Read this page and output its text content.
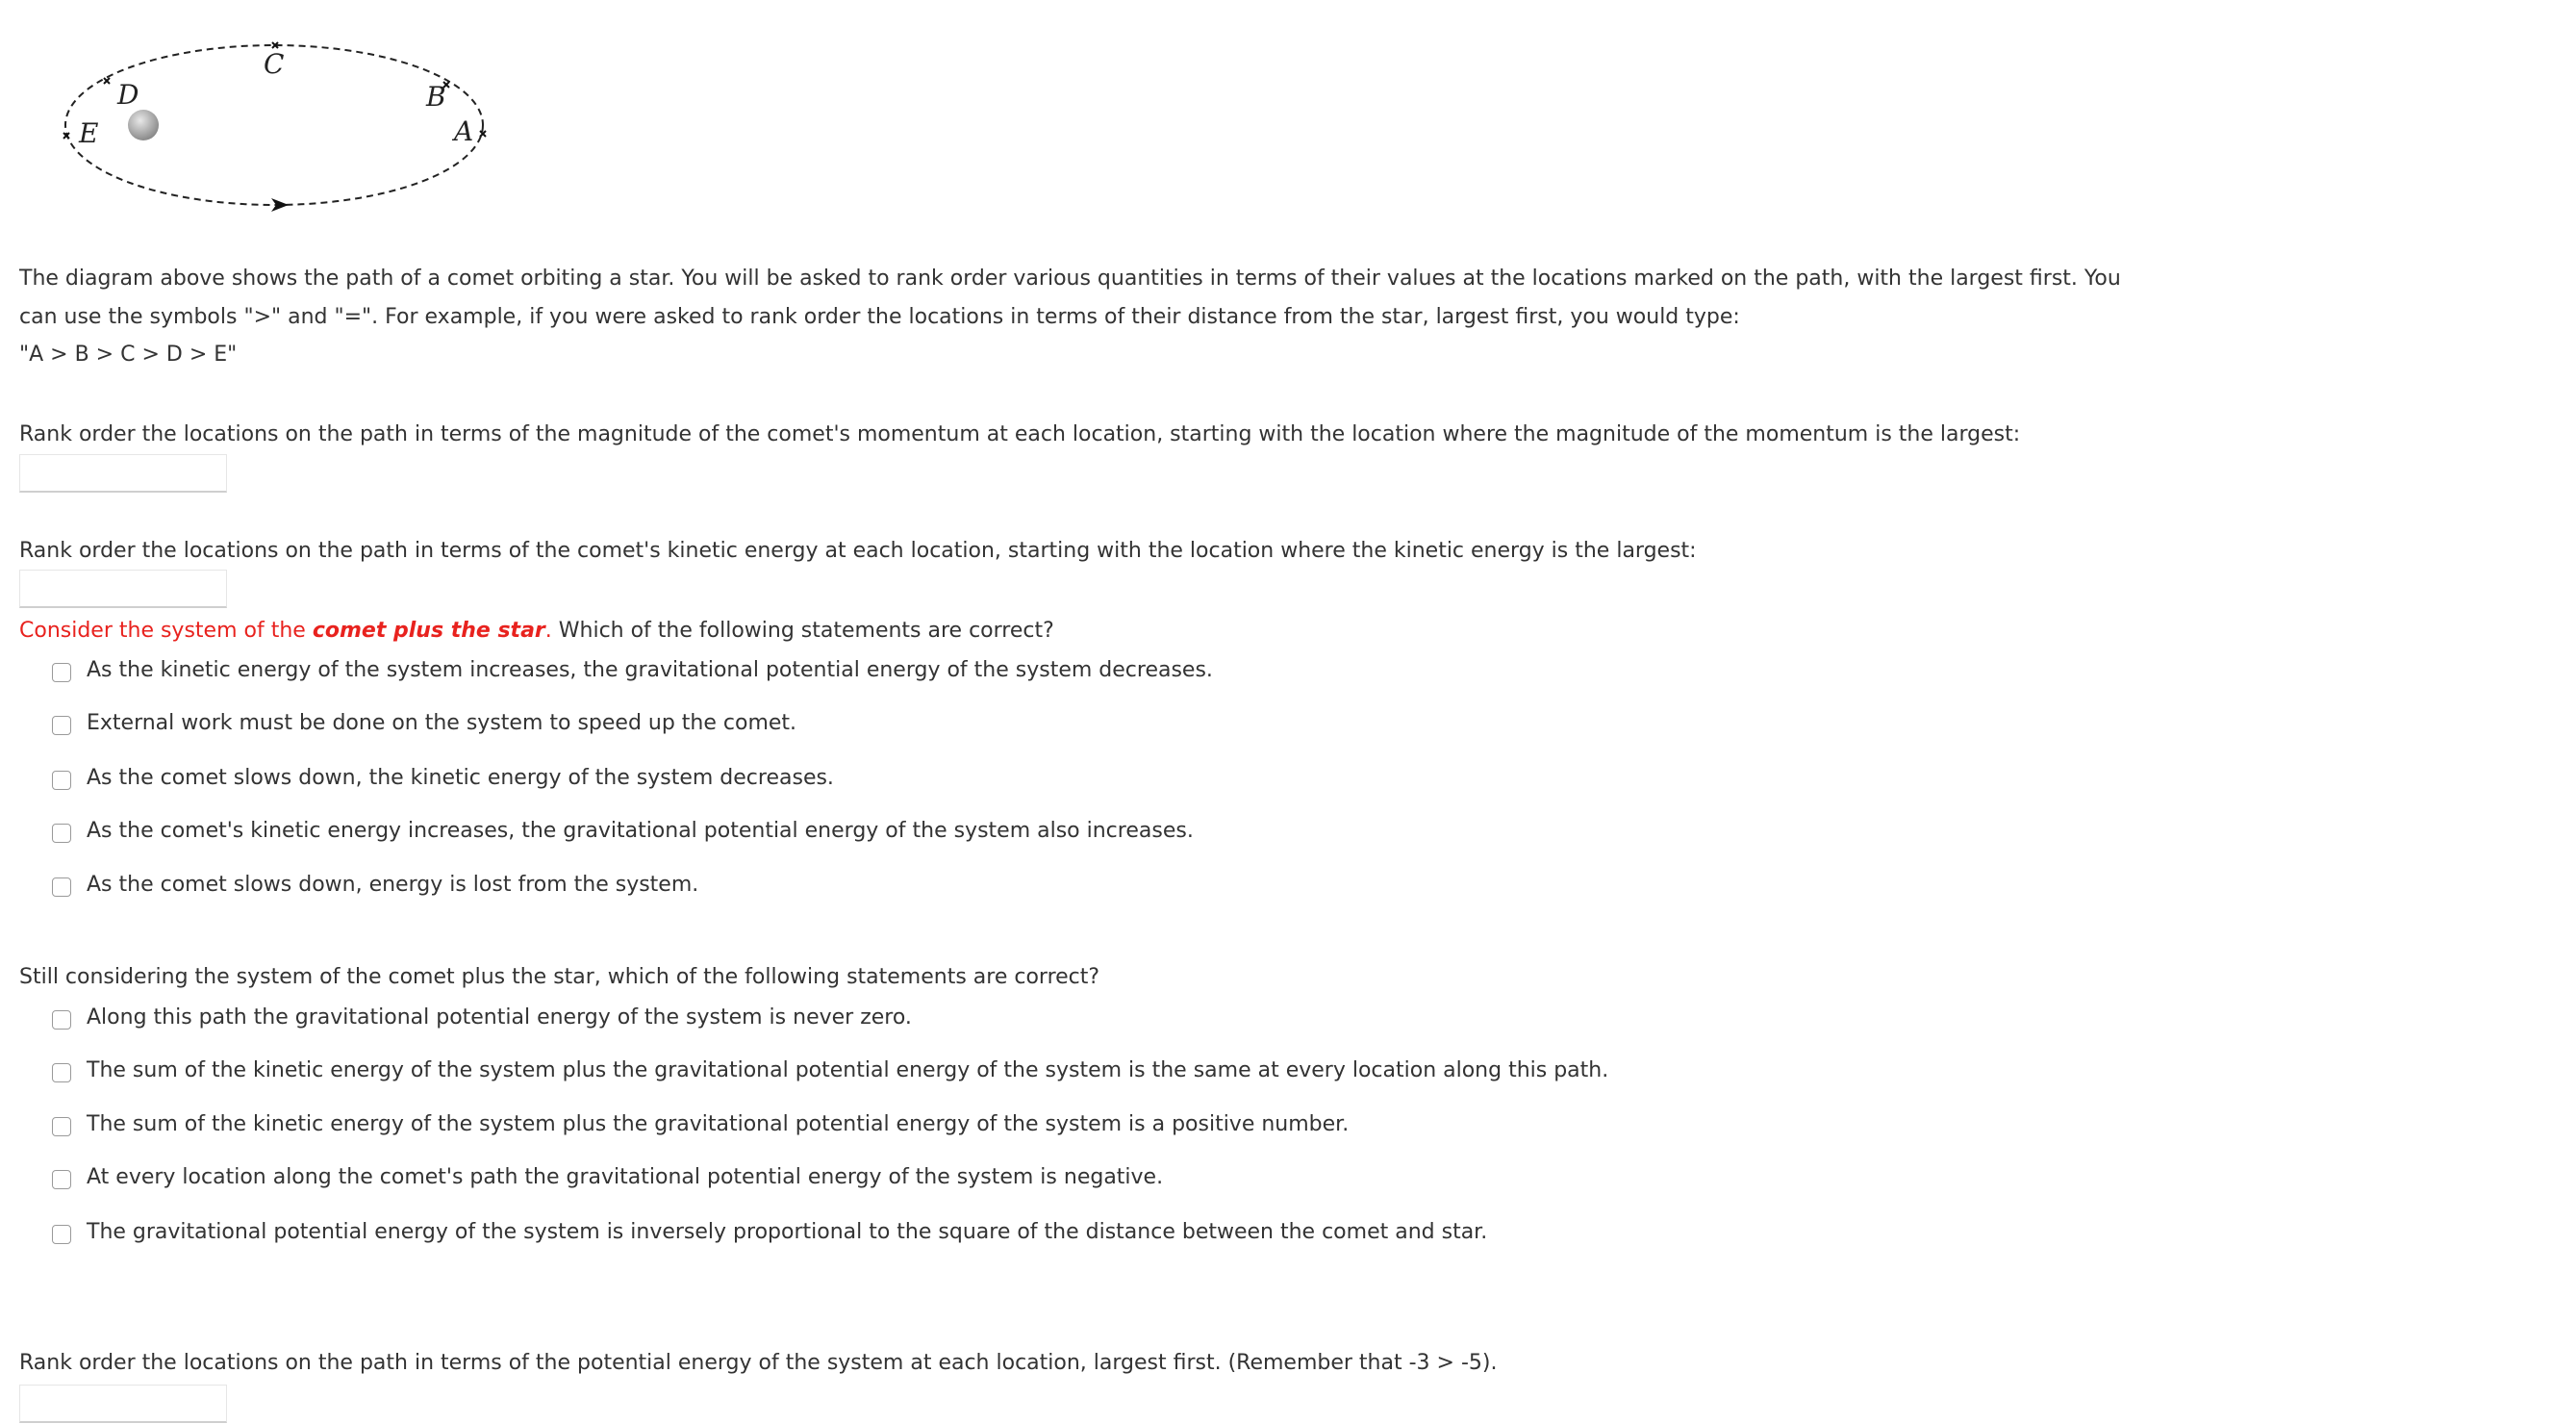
C
B
A
D
E
The diagram above shows the path of a comet orbiting a star. You will be asked to rank order various quantities in terms of their values at the locations marked on the path, with the largest first. You
can use the symbols ">" and "=". For example, if you were asked to rank order the locations in terms of their distance from the star, largest first, you would type:
"A > B > C > D > E"
Rank order the locations on the path in terms of the magnitude of the comet's momentum at each location, starting with the location where the magnitude of the momentum is the largest:
Rank order the locations on the path in terms of the comet's kinetic energy at each location, starting with the location where the kinetic energy is the largest:
Consider the system of the comet plus the star. Which of the following statements are correct?
As the kinetic energy of the system increases, the gravitational potential energy of the system decreases.
External work must be done on the system to speed up the comet.
As the comet slows down, the kinetic energy of the system decreases.
As the comet's kinetic energy increases, the gravitational potential energy of the system also increases.
As the comet slows down, energy is lost from the system.
Still considering the system of the comet plus the star, which of the following statements are correct?
Along this path the gravitational potential energy of the system is never zero.
The sum of the kinetic energy of the system plus the gravitational potential energy of the system is the same at every location along this path.
The sum of the kinetic energy of the system plus the gravitational potential energy of the system is a positive number.
At every location along the comet's path the gravitational potential energy of the system is negative.
The gravitational potential energy of the system is inversely proportional to the square of the distance between the comet and star.
Rank order the locations on the path in terms of the potential energy of the system at each location, largest first. (Remember that -3 > -5).
